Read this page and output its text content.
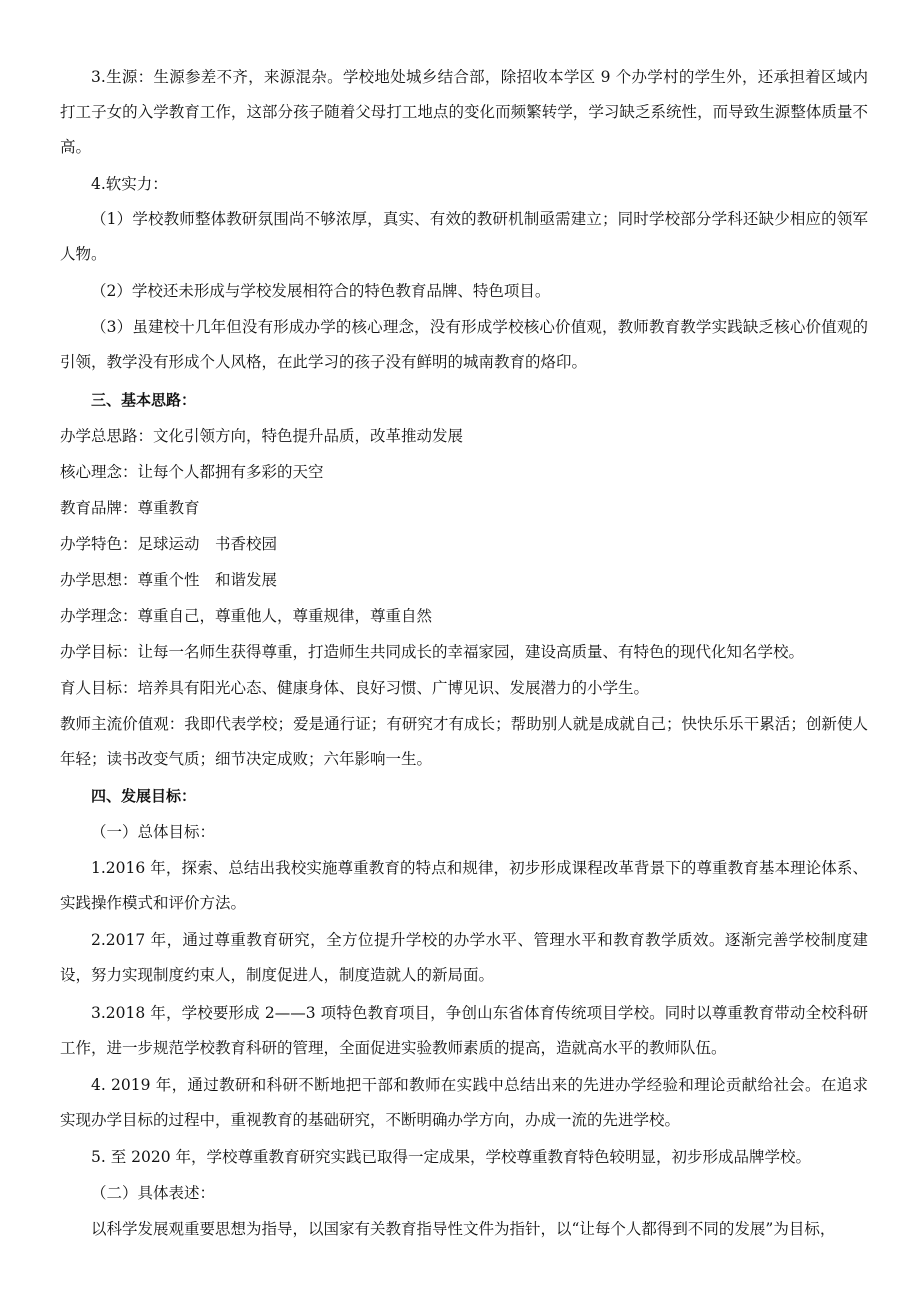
3.生源：生源参差不齐，来源混杂。学校地处城乡结合部，除招收本学区 9 个办学村的学生外，还承担着区域内打工子女的入学教育工作，这部分孩子随着父母打工地点的变化而频繁转学，学习缺乏系统性，而导致生源整体质量不高。

4.软实力：

（1）学校教师整体教研氛围尚不够浓厚，真实、有效的教研机制亟需建立；同时学校部分学科还缺少相应的领军人物。

（2）学校还未形成与学校发展相符合的特色教育品牌、特色项目。

（3）虽建校十几年但没有形成办学的核心理念，没有形成学校核心价值观，教师教育教学实践缺乏核心价值观的引领，教学没有形成个人风格，在此学习的孩子没有鲜明的城南教育的烙印。

三、基本思路：

办学总思路：文化引领方向，特色提升品质，改革推动发展

核心理念：让每个人都拥有多彩的天空

教育品牌：尊重教育

办学特色：足球运动　书香校园

办学思想：尊重个性　和谐发展

办学理念：尊重自己，尊重他人，尊重规律，尊重自然

办学目标：让每一名师生获得尊重，打造师生共同成长的幸福家园，建设高质量、有特色的现代化知名学校。

育人目标：培养具有阳光心态、健康身体、良好习惯、广博见识、发展潜力的小学生。

教师主流价值观：我即代表学校；爱是通行证；有研究才有成长；帮助别人就是成就自己；快快乐乐干累活；创新使人年轻；读书改变气质；细节决定成败；六年影响一生。

四、发展目标：

（一）总体目标：

1.2016 年，探索、总结出我校实施尊重教育的特点和规律，初步形成课程改革背景下的尊重教育基本理论体系、实践操作模式和评价方法。

2.2017 年，通过尊重教育研究，全方位提升学校的办学水平、管理水平和教育教学质效。逐渐完善学校制度建设，努力实现制度约束人，制度促进人，制度造就人的新局面。

3.2018 年，学校要形成 2——3 项特色教育项目，争创山东省体育传统项目学校。同时以尊重教育带动全校科研工作，进一步规范学校教育科研的管理，全面促进实验教师素质的提高，造就高水平的教师队伍。

4. 2019 年，通过教研和科研不断地把干部和教师在实践中总结出来的先进办学经验和理论贡献给社会。在追求实现办学目标的过程中，重视教育的基础研究，不断明确办学方向，办成一流的先进学校。

5. 至 2020 年，学校尊重教育研究实践已取得一定成果，学校尊重教育特色较明显，初步形成品牌学校。

（二）具体表述：

以科学发展观重要思想为指导，以国家有关教育指导性文件为指针，以“让每个人都得到不同的发展”为目标，
